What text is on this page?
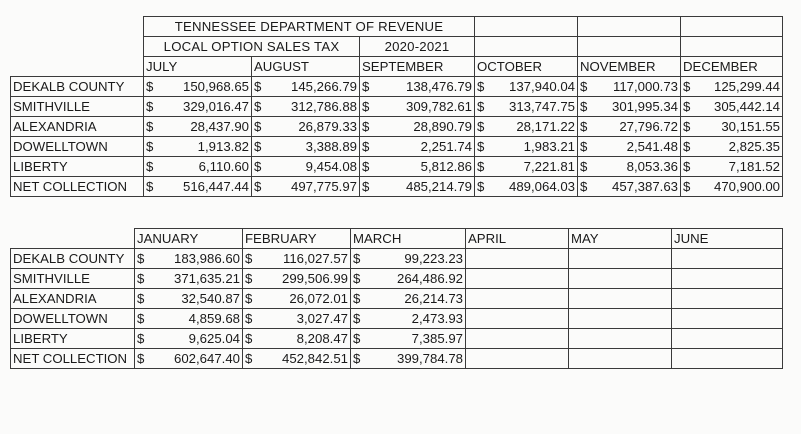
	TENNESSEE DEPARTMENT OF REVENUE					
	LOCAL OPTION SALES TAX		2020-2021			
	JULY	AUGUST	SEPTEMBER	OCTOBER	NOVEMBER	DECEMBER
DEKALB COUNTY	$ 150,968.65	$ 145,266.79	$ 138,476.79	$ 137,940.04	$ 117,000.73	$ 125,299.44

SMITHVILLE	$ 329,016.47	$ 312,786.88	$ 309,782.61	$ 313,747.75	$ 301,995.34	$ 305,442.14

ALEXANDRIA	$ 28,437.90	$ 26,879.33	$ 28,890.79	$ 28,171.22	$ 27,796.72	$ 30,151.55

DOWELLTOWN	$ 1,913.82	$ 3,388.89	$ 2,251.74	$ 1,983.21	$ 2,541.48	$ 2,825.35

LIBERTY	$ 6,110.60	$ 9,454.08	$ 5,812.86	$ 7,221.81	$ 8,053.36	$ 7,181.52

NET COLLECTION	$ 516,447.44	$ 497,775.97	$ 485,214.79	$ 489,064.03	$ 457,387.63	$ 470,900.00
	JANUARY	FEBRUARY	MARCH	APRIL	MAY	JUNE
DEKALB COUNTY	$ 183,986.60	$ 116,027.57	$ 99,223.23			

SMITHVILLE	$ 371,635.21	$ 299,506.99	$ 264,486.92			

ALEXANDRIA	$ 32,540.87	$ 26,072.01	$ 26,214.73			

DOWELLTOWN	$ 4,859.68	$ 3,027.47	$ 2,473.93			

LIBERTY	$ 9,625.04	$ 8,208.47	$ 7,385.97			

NET COLLECTION	$ 602,647.40	$ 452,842.51	$ 399,784.78			
